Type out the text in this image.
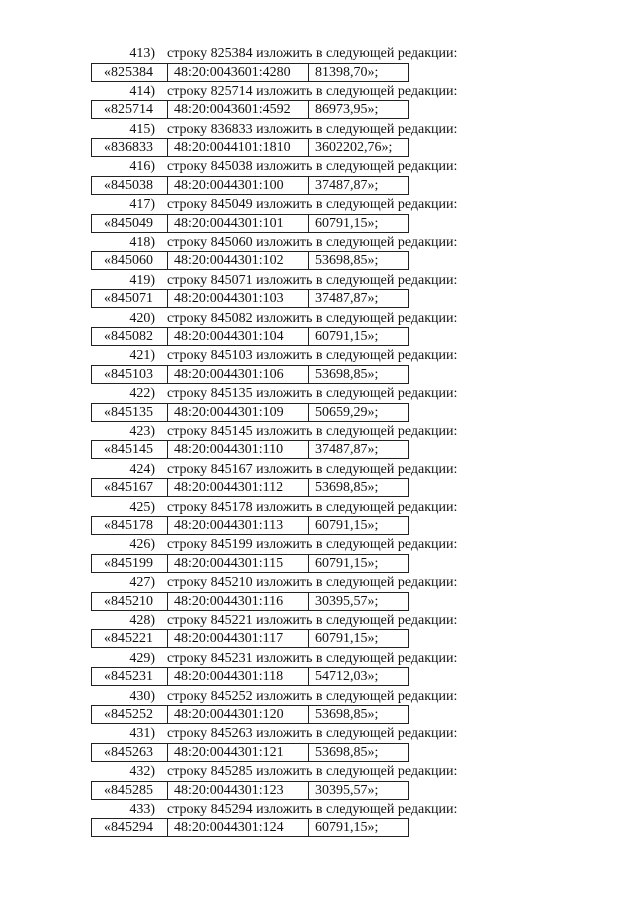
413) строку 825384 изложить в следующей редакции:
«825384	48:20:0043601:4280	81398,70»;
414) строку 825714 изложить в следующей редакции:
«825714	48:20:0043601:4592	86973,95»;
415) строку 836833 изложить в следующей редакции:
«836833	48:20:0044101:1810	3602202,76»;
416) строку 845038 изложить в следующей редакции:
«845038	48:20:0044301:100	37487,87»;
417) строку 845049 изложить в следующей редакции:
«845049	48:20:0044301:101	60791,15»;
418) строку 845060 изложить в следующей редакции:
«845060	48:20:0044301:102	53698,85»;
419) строку 845071 изложить в следующей редакции:
«845071	48:20:0044301:103	37487,87»;
420) строку 845082 изложить в следующей редакции:
«845082	48:20:0044301:104	60791,15»;
421) строку 845103 изложить в следующей редакции:
«845103	48:20:0044301:106	53698,85»;
422) строку 845135 изложить в следующей редакции:
«845135	48:20:0044301:109	50659,29»;
423) строку 845145 изложить в следующей редакции:
«845145	48:20:0044301:110	37487,87»;
424) строку 845167 изложить в следующей редакции:
«845167	48:20:0044301:112	53698,85»;
425) строку 845178 изложить в следующей редакции:
«845178	48:20:0044301:113	60791,15»;
426) строку 845199 изложить в следующей редакции:
«845199	48:20:0044301:115	60791,15»;
427) строку 845210 изложить в следующей редакции:
«845210	48:20:0044301:116	30395,57»;
428) строку 845221 изложить в следующей редакции:
«845221	48:20:0044301:117	60791,15»;
429) строку 845231 изложить в следующей редакции:
«845231	48:20:0044301:118	54712,03»;
430) строку 845252 изложить в следующей редакции:
«845252	48:20:0044301:120	53698,85»;
431) строку 845263 изложить в следующей редакции:
«845263	48:20:0044301:121	53698,85»;
432) строку 845285 изложить в следующей редакции:
«845285	48:20:0044301:123	30395,57»;
433) строку 845294 изложить в следующей редакции:
«845294	48:20:0044301:124	60791,15»;
